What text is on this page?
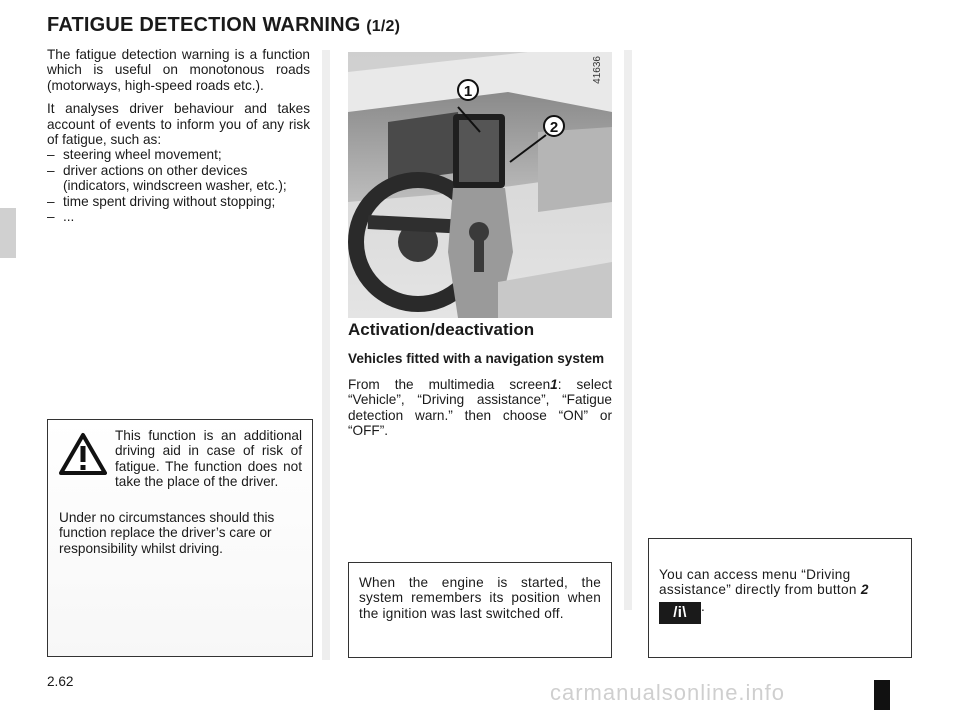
FATIGUE DETECTION WARNING (1/2)

The fatigue detection warning is a function which is useful on monotonous roads (motorways, high-speed roads etc.).

It analyses driver behaviour and takes account of events to inform you of any risk of fatigue, such as:

– steering wheel movement;
– driver actions on other devices (indicators, windscreen washer, etc.);
– time spent driving without stopping;
– ...
1
2
41636
Activation/deactivation
Vehicles fitted with a navigation system

From the multimedia screen1: select “Vehicle”, “Driving assistance”, “Fatigue detection warn.” then choose “ON” or “OFF”.

This function is an additional driving aid in case of risk of fatigue. The function does not take the place of the driver.

Under no circumstances should this function replace the driver’s care or responsibility whilst driving.

When the engine is started, the system remembers its position when the ignition was last switched off.

You can access menu “Driving assistance” directly from button 2
/i\ .

2.62	carmanualsonline.info
